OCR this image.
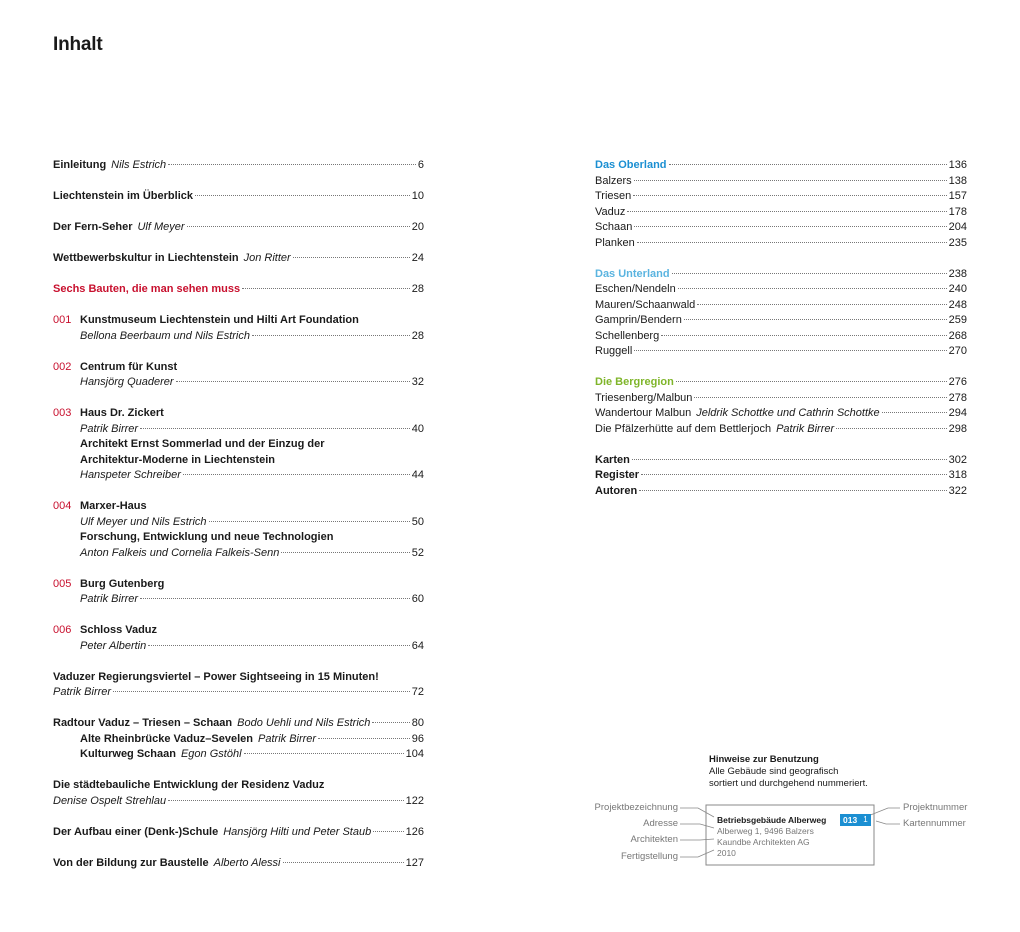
Inhalt
Einleitung Nils Estrich	6
Liechtenstein im Überblick	10
Der Fern-Seher Ulf Meyer	20
Wettbewerbskultur in Liechtenstein Jon Ritter	24
Sechs Bauten, die man sehen muss	28
001 Kunstmuseum Liechtenstein und Hilti Art Foundation
Bellona Beerbaum und Nils Estrich	28
002 Centrum für Kunst
Hansjörg Quaderer	32
003 Haus Dr. Zickert
Patrik Birrer	40
Architekt Ernst Sommerlad und der Einzug der
Architektur-Moderne in Liechtenstein
Hanspeter Schreiber	44
004 Marxer-Haus
Ulf Meyer und Nils Estrich	50
Forschung, Entwicklung und neue Technologien
Anton Falkeis und Cornelia Falkeis-Senn	52
005 Burg Gutenberg
Patrik Birrer	60
006 Schloss Vaduz
Peter Albertin	64
Vaduzer Regierungsviertel – Power Sightseeing in 15 Minuten!
Patrik Birrer	72
Radtour Vaduz – Triesen – Schaan Bodo Uehli und Nils Estrich	80
Alte Rheinbrücke Vaduz–Sevelen Patrik Birrer	96
Kulturweg Schaan Egon Gstöhl	104
Die städtebauliche Entwicklung der Residenz Vaduz
Denise Ospelt Strehlau	122
Der Aufbau einer (Denk-)Schule Hansjörg Hilti und Peter Staub	126
Von der Bildung zur Baustelle Alberto Alessi	127
Das Oberland	136
Balzers	138
Triesen	157
Vaduz	178
Schaan	204
Planken	235
Das Unterland	238
Eschen/Nendeln	240
Mauren/Schaanwald	248
Gamprin/Bendern	259
Schellenberg	268
Ruggell	270
Die Bergregion	276
Triesenberg/Malbun	278
Wandertour Malbun Jeldrik Schottke und Cathrin Schottke	294
Die Pfälzerhütte auf dem Bettlerjoch Patrik Birrer	298
Karten	302
Register	318
Autoren	322
Hinweise zur Benutzung
Alle Gebäude sind geografisch
sortiert und durchgehend nummeriert.
Projektbezeichnung
Adresse
Architekten
Fertigstellung
Projektnummer
Kartennummer
Betriebsgebäude Alberweg
Alberweg 1, 9496 Balzers
Kaundbe Architekten AG
2010
013 1
